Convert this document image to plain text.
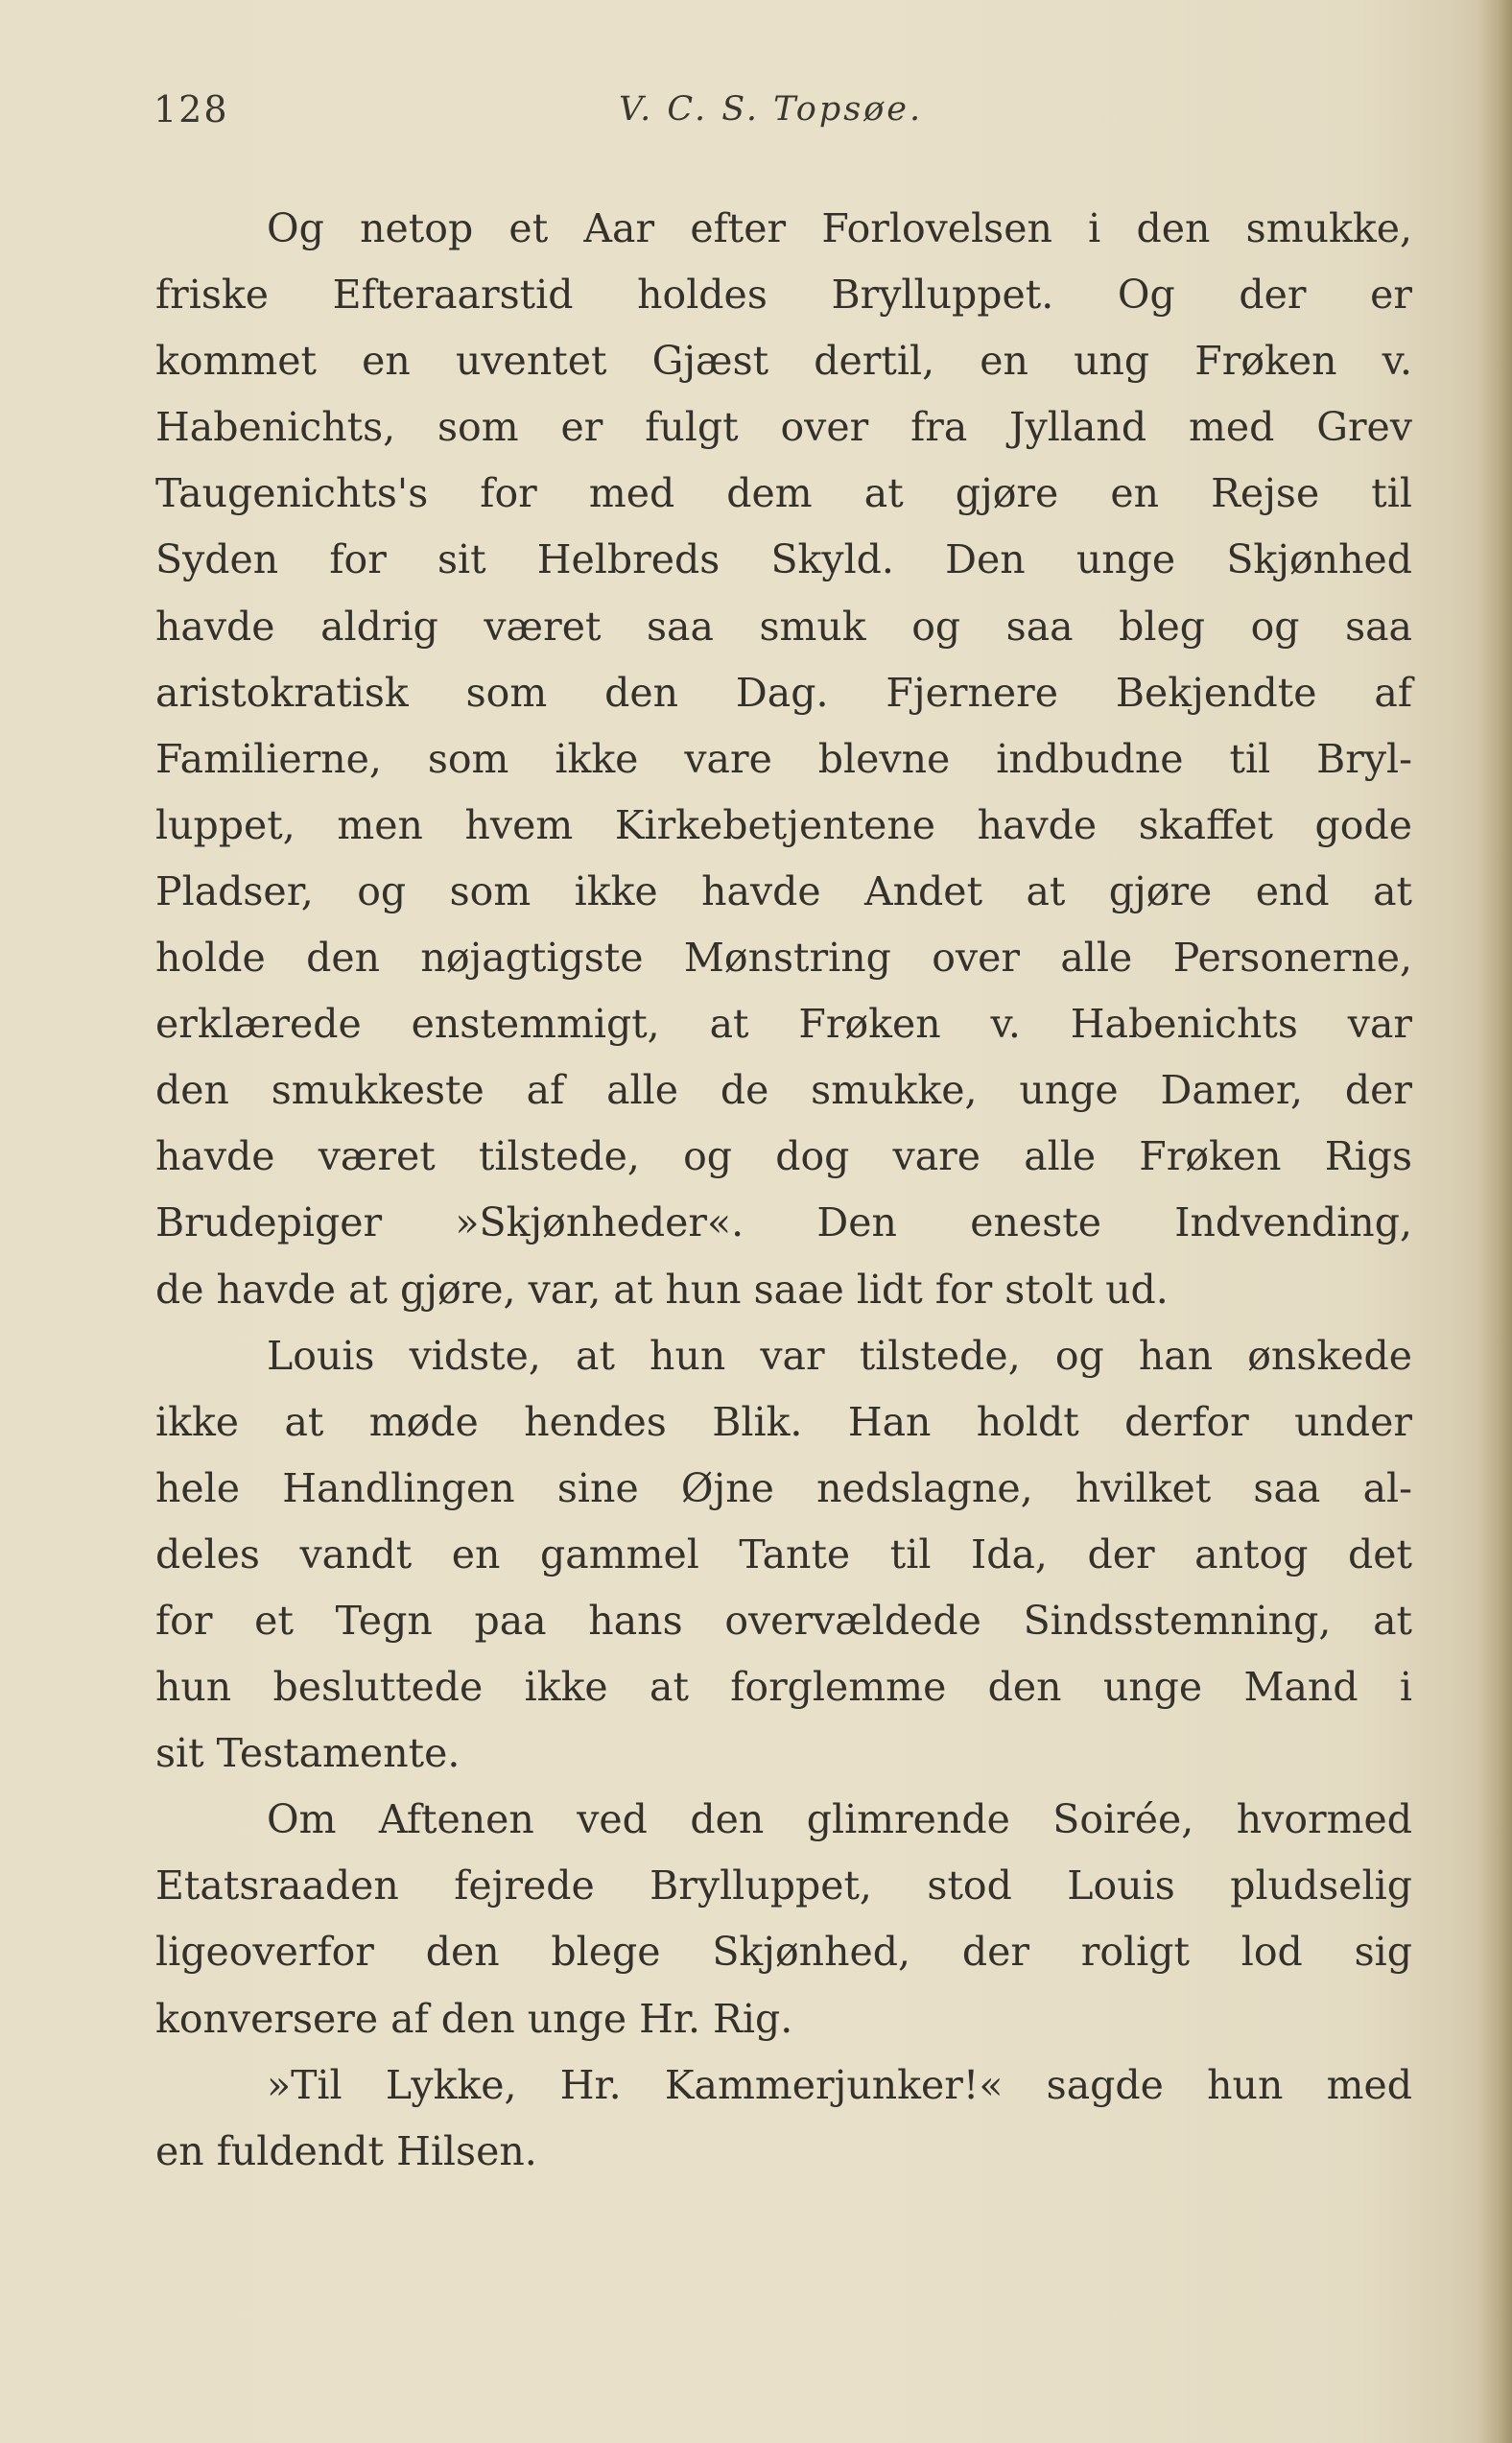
128	V. C. S. Topsøe.
Og netop et Aar efter Forlovelsen i den smukke,
friske Efteraarstid holdes Brylluppet. Og der er
kommet en uventet Gjæst dertil, en ung Frøken v.
Habenichts, som er fulgt over fra Jylland med Grev
Taugenichts's for med dem at gjøre en Rejse til
Syden for sit Helbreds Skyld. Den unge Skjønhed
havde aldrig været saa smuk og saa bleg og saa
aristokratisk som den Dag. Fjernere Bekjendte af
Familierne, som ikke vare blevne indbudne til Bryl-
luppet, men hvem Kirkebetjentene havde skaffet gode
Pladser, og som ikke havde Andet at gjøre end at
holde den nøjagtigste Mønstring over alle Personerne,
erklærede enstemmigt, at Frøken v. Habenichts var
den smukkeste af alle de smukke, unge Damer, der
havde været tilstede, og dog vare alle Frøken Rigs
Brudepiger »Skjønheder«. Den eneste Indvending,
de havde at gjøre, var, at hun saae lidt for stolt ud.
Louis vidste, at hun var tilstede, og han ønskede
ikke at møde hendes Blik. Han holdt derfor under
hele Handlingen sine Øjne nedslagne, hvilket saa al-
deles vandt en gammel Tante til Ida, der antog det
for et Tegn paa hans overvældede Sindsstemning, at
hun besluttede ikke at forglemme den unge Mand i
sit Testamente.
Om Aftenen ved den glimrende Soirée, hvormed
Etatsraaden fejrede Brylluppet, stod Louis pludselig
ligeoverfor den blege Skjønhed, der roligt lod sig
konversere af den unge Hr. Rig.
»Til Lykke, Hr. Kammerjunker!« sagde hun med
en fuldendt Hilsen.
